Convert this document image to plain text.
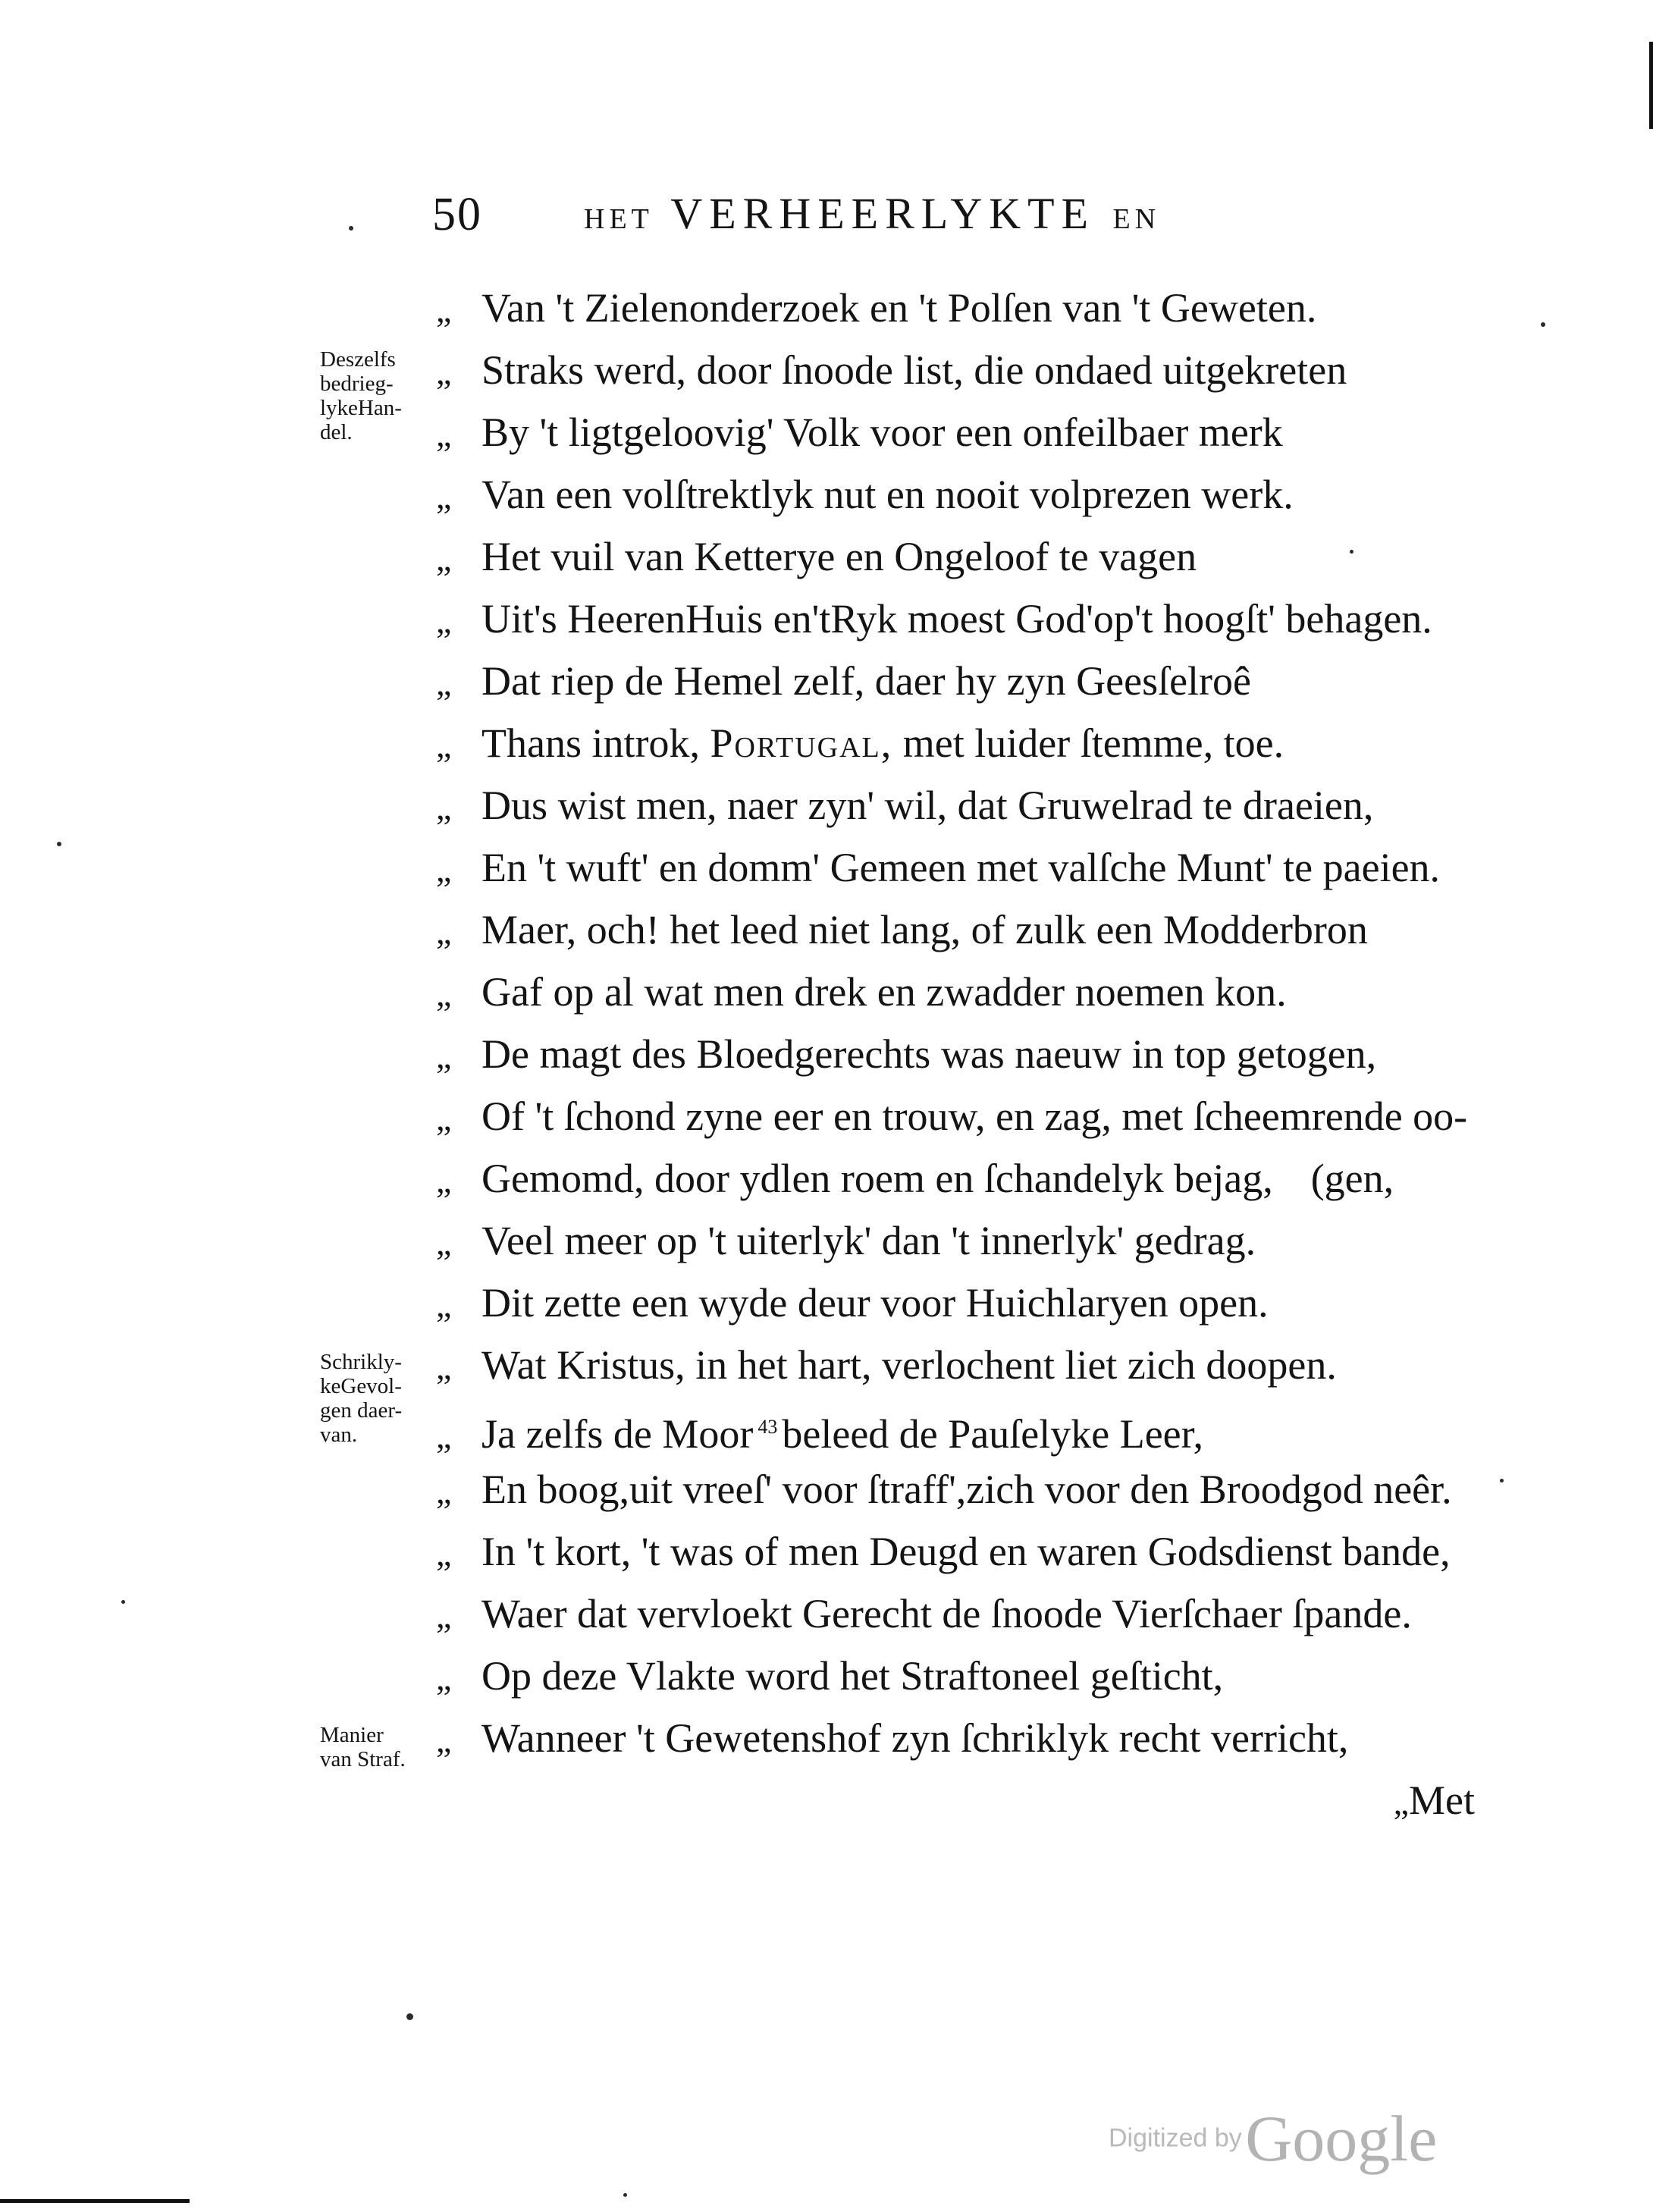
50	HET VERHEERLYKTE EN
Deszelfs
bedrieg-
lykeHan-
del.
Schrikly-
keGevol-
gen daer-
van.
Manier
van Straf.
„ Van 't Zielenonderzoek en 't Polſen van 't Geweten.
„ Straks werd, door ſnoode list, die ondaed uitgekreten
„ By 't ligtgeloovig' Volk voor een onfeilbaer merk
„ Van een volſtrektlyk nut en nooit volprezen werk.
„ Het vuil van Ketterye en Ongeloof te vagen
„ Uit's HeerenHuis en'tRyk moest God'op't hoogſt' behagen.
„ Dat riep de Hemel zelf, daer hy zyn Geesſelroê
„ Thans introk, Portugal, met luider ſtemme, toe.
„ Dus wist men, naer zyn' wil, dat Gruwelrad te draeien,
„ En 't wuft' en domm' Gemeen met valſche Munt' te paeien.
„ Maer, och! het leed niet lang, of zulk een Modderbron
„ Gaf op al wat men drek en zwadder noemen kon.
„ De magt des Bloedgerechts was naeuw in top getogen,
„ Of 't ſchond zyne eer en trouw, en zag, met ſcheemrende oo-
„ Gemomd, door ydlen roem en ſchandelyk bejag, (gen,
„ Veel meer op 't uiterlyk' dan 't innerlyk' gedrag.
„ Dit zette een wyde deur voor Huichlaryen open.
„ Wat Kristus, in het hart, verlochent liet zich doopen.
„ Ja zelfs de Moor $^{43}$ beleed de Pauſelyke Leer,
„ En boog,uit vreeſ' voor ſtraff',zich voor den Broodgod neêr.
„ In 't kort, 't was of men Deugd en waren Godsdienst bande,
„ Waer dat vervloekt Gerecht de ſnoode Vierſchaer ſpande.
„ Op deze Vlakte word het Straftoneel geſticht,
„ Wanneer 't Gewetenshof zyn ſchriklyk recht verricht,
„Met
Digitized by Google
